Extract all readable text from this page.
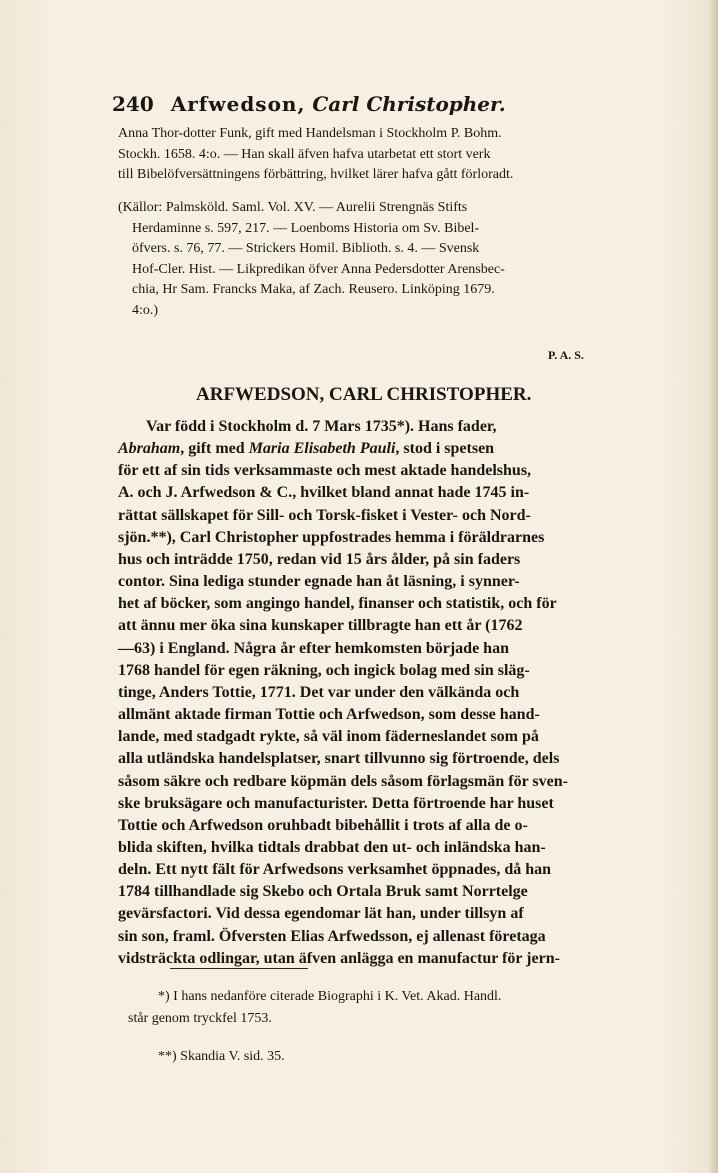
240 Arfwedson, Carl Christopher.
Anna Thor-dotter Funk, gift med Handelsman i Stockholm P. Bohm.
Stockh. 1658. 4:o. — Han skall äfven hafva utarbetat ett stort verk
till Bibelöfversättningens förbättring, hvilket lärer hafva gått förloradt.
(Källor: Palmsköld. Saml. Vol. XV. — Aurelii Strengnäs Stifts
Herdaminne s. 597, 217. — Loenboms Historia om Sv. Bibel-
öfvers. s. 76, 77. — Strickers Homil. Biblioth. s. 4. — Svensk
Hof-Cler. Hist. — Likpredikan öfver Anna Pedersdotter Arensbec-
chia, Hr Sam. Francks Maka, af Zach. Reusero. Linköping 1679.
4:o.)
P. A. S.
ARFWEDSON, CARL CHRISTOPHER.
Var född i Stockholm d. 7 Mars 1735*). Hans fader,
Abraham, gift med Maria Elisabeth Pauli, stod i spetsen
för ett af sin tids verksammaste och mest aktade handelshus,
A. och J. Arfwedson & C., hvilket bland annat hade 1745 in-
rättat sällskapet för Sill- och Torsk-fisket i Vester- och Nord-
sjön.**), Carl Christopher uppfostrades hemma i föräldrarnes
hus och inträdde 1750, redan vid 15 års ålder, på sin faders
contor. Sina lediga stunder egnade han åt läsning, i synner-
het af böcker, som angingo handel, finanser och statistik, och för
att ännu mer öka sina kunskaper tillbragte han ett år (1762
—63) i England. Några år efter hemkomsten började han
1768 handel för egen räkning, och ingick bolag med sin släg-
tinge, Anders Tottie, 1771. Det var under den välkända och
allmänt aktade firman Tottie och Arfwedson, som desse hand-
lande, med stadgadt rykte, så väl inom fäderneslandet som på
alla utländska handelsplatser, snart tillvunno sig förtroende, dels
såsom säkre och redbare köpmän dels såsom förlagsmän för sven-
ske bruksägare och manufacturister. Detta förtroende har huset
Tottie och Arfwedson oruhbadt bibehållit i trots af alla de o-
blida skiften, hvilka tidtals drabbat den ut- och inländska han-
deln. Ett nytt fält för Arfwedsons verksamhet öppnades, då han
1784 tillhandlade sig Skebo och Ortala Bruk samt Norrtelge
gevärsfactori. Vid dessa egendomar lät han, under tillsyn af
sin son, framl. Öfversten Elias Arfwedsson, ej allenast företaga
vidsträckta odlingar, utan äfven anlägga en manufactur för jern-
*) I hans nedanföre citerade Biographi i K. Vet. Akad. Handl.
står genom tryckfel 1753.
**) Skandia V. sid. 35.
